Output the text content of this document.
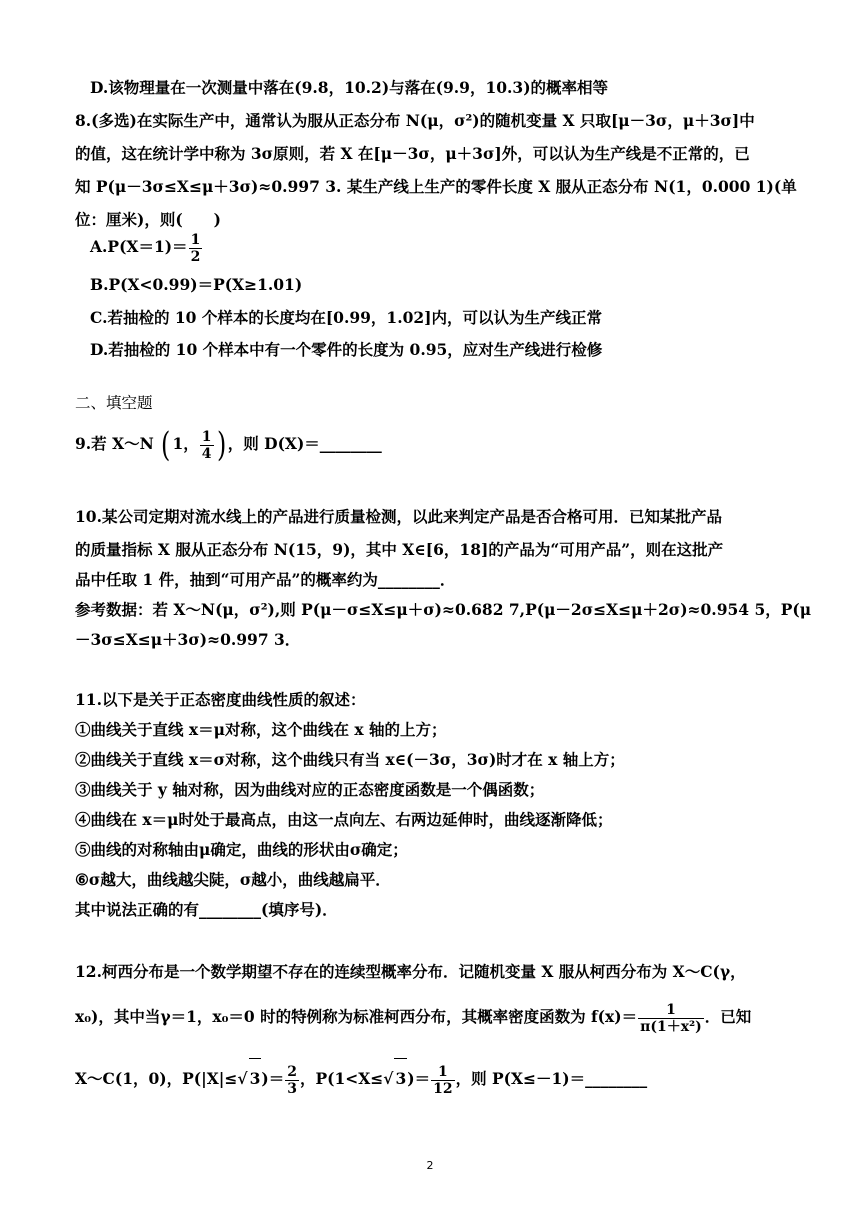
D.该物理量在一次测量中落在(9.8，10.2)与落在(9.9，10.3)的概率相等
8.(多选)在实际生产中，通常认为服从正态分布 N(μ，σ²)的随机变量 X 只取[μ－3σ，μ＋3σ]中
的值，这在统计学中称为 3σ原则，若 X 在[μ－3σ，μ＋3σ]外，可以认为生产线是不正常的，已
知 P(μ－3σ≤X≤μ＋3σ)≈0.997 3. 某生产线上生产的零件长度 X 服从正态分布 N(1，0.000 1)(单
位：厘米)，则(　　)
$A.P(X=1)= \frac{1}{2}$
B.P(X<0.99)＝P(X≥1.01)
C.若抽检的 10 个样本的长度均在[0.99，1.02]内，可以认为生产线正常
D.若抽检的 10 个样本中有一个零件的长度为 0.95，应对生产线进行检修
二、填空题
9.若 X～N ( 1， $\frac{1}{4}$ ) ，则 D(X)＝________
10.某公司定期对流水线上的产品进行质量检测，以此来判定产品是否合格可用．已知某批产品
的质量指标 X 服从正态分布 N(15，9)，其中 X∈[6，18]的产品为“可用产品”，则在这批产
品中任取 1 件，抽到“可用产品”的概率约为________．
参考数据：若 X～N(μ，σ²),则 P(μ－σ≤X≤μ＋σ)≈0.682 7,P(μ－2σ≤X≤μ＋2σ)≈0.954 5，P(μ
－3σ≤X≤μ＋3σ)≈0.997 3．
11.以下是关于正态密度曲线性质的叙述：
①曲线关于直线 x＝μ对称，这个曲线在 x 轴的上方；
②曲线关于直线 x＝σ对称，这个曲线只有当 x∈(－3σ，3σ)时才在 x 轴上方；
③曲线关于 y 轴对称，因为曲线对应的正态密度函数是一个偶函数；
④曲线在 x＝μ时处于最高点，由这一点向左、右两边延伸时，曲线逐渐降低；
⑤曲线的对称轴由μ确定，曲线的形状由σ确定；
⑥σ越大，曲线越尖陡，σ越小，曲线越扁平．
其中说法正确的有________(填序号)．
12.柯西分布是一个数学期望不存在的连续型概率分布．记随机变量 X 服从柯西分布为 X～C(γ，
x₀)，其中当γ＝1，x₀＝0 时的特例称为标准柯西分布，其概率密度函数为 $f(x)= \frac{1}{\text{π(1＋x²)}}$ ．已知
X～C(1，0)，P(|X|≤√ $3)= \frac{2}{3}$ ，P(1<X≤√ $3)= \frac{1}{12}$ ，则 P(X≤－1)＝________
2
